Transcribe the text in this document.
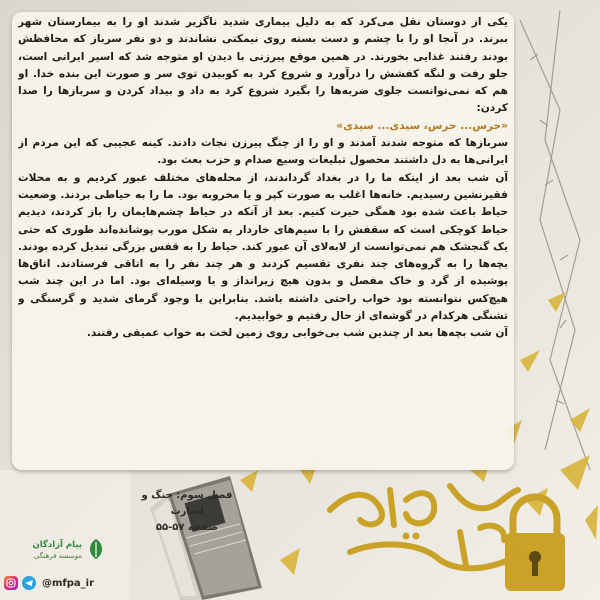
یکی از دوستان نقل می‌کرد که به دلیل بیماری شدید ناگزیر شدند او را به بیمارستان شهر ببرند. در آنجا او را با چشم و دست بسته روی نیمکتی نشاندند و دو نفر سرباز که محافظش بودند رفتند غذایی بخورند. در همین موقع پیرزنی با دیدن او متوجه شد که اسیر ایرانی است، جلو رفت و لنگه کفشش را درآورد و شروع کرد به کوبیدن توی سر و صورت این بنده خدا. او هم که نمی‌توانست جلوی ضربه‌ها را بگیرد شروع کرد به داد و بیداد کردن و سربازها را صدا کردن:

«حرس... حرس، سیدی... سیدی»

سربازها که متوجه شدند آمدند و او را از چنگ پیرزن نجات دادند. کینه عجیبی که این مردم از ایرانی‌ها به دل داشتند محصول تبلیغات وسیع صدام و حزب بعث بود.

آن شب بعد از اینکه ما را در بغداد گرداندند، از محله‌های مختلف عبور کردیم و به محلات فقیرنشین رسیدیم. خانه‌ها اغلب به صورت کپر و یا مخروبه بود. ما را به حیاطی بردند. وضعیت حیاط باعث شده بود همگی حیرت کنیم. بعد از آنکه در حیاط چشم‌هایمان را باز کردند، دیدیم حیاط کوچکی است که سقفش را با سیم‌های خاردار به شکل مورب پوشانده‌اند طوری که حتی یک گنجشک هم نمی‌توانست از لابه‌لای آن عبور کند. حیاط را به قفس بزرگی تبدیل کرده بودند. بچه‌ها را به گروه‌های چند نفری تقسیم کردند و هر چند نفر را به اتاقی فرستادند. اتاق‌ها پوشیده از گرد و خاک مفصل و بدون هیچ زیرانداز و یا وسیله‌ای بود. اما در این چند شب هیچ‌کس نتوانسته بود خواب راحتی داشته باشد. بنابراین با وجود گرمای شدید و گرسنگی و تشنگی هرکدام در گوشه‌ای از حال رفتیم و خوابیدیم.

آن شب بچه‌ها بعد از چندین شب بی‌خوابی روی زمین لخت به خواب عمیقی رفتند.

فصل سوم: جنگ و اسارت
صفحه ۵۷-۵۵
پیام آزادگان
موسسه فرهنگی
@mfpa_ir
